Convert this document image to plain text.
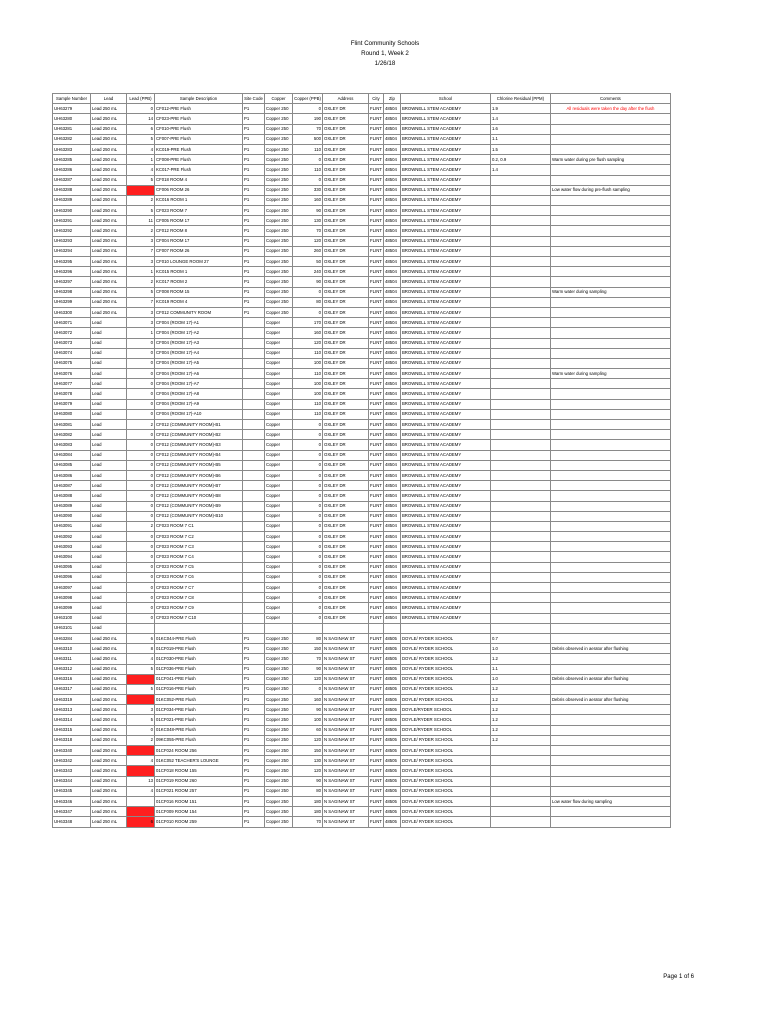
Flint Community Schools
Round 1, Week 2
1/26/18
Sample Number	Lead	Lead (PPB)	Sample Description	Site Code	Copper	Copper (PPB)	Address	City	Zip	School	Chlorine Residual (PPM)	Comments
UH63279	Lead 250 mL	0	CF012-PRE Flush	P1	Copper 250	0	OXLEY DR	FLINT	48504	BROWNELL STEM ACADEMY	1.9	All residuals were taken the day after the flush
UH63280	Lead 250 mL	14	CF023-PRE Flush	P1	Copper 250	190	OXLEY DR	FLINT	48504	BROWNELL STEM ACADEMY	1.4	
UH63281	Lead 250 mL	6	CF010-PRE Flush	P1	Copper 250	70	OXLEY DR	FLINT	48504	BROWNELL STEM ACADEMY	1.6	
UH63282	Lead 250 mL	5	CF007-PRE Flush	P1	Copper 250	500	OXLEY DR	FLINT	48504	BROWNELL STEM ACADEMY	1.1	
UH63283	Lead 250 mL	4	KC019-PRE Flush	P1	Copper 250	110	OXLEY DR	FLINT	48504	BROWNELL STEM ACADEMY	1.5	
UH63285	Lead 250 mL	1	CF008-PRE Flush	P1	Copper 250	0	OXLEY DR	FLINT	48504	BROWNELL STEM ACADEMY	0.2, 0.9	Warm water during pre flush sampling
UH63286	Lead 250 mL	4	KC017-PRE Flush	P1	Copper 250	110	OXLEY DR	FLINT	48504	BROWNELL STEM ACADEMY	1.4	
UH63287	Lead 250 mL	5	CF018 ROOM 4	P1	Copper 250	0	OXLEY DR	FLINT	48504	BROWNELL STEM ACADEMY		
UH63288	Lead 250 mL		CF006 ROOM 26	P1	Copper 250	330	OXLEY DR	FLINT	48504	BROWNELL STEM ACADEMY		Low water flow during pre-flush sampling
UH63289	Lead 250 mL	2	KC016 ROOM 1	P1	Copper 250	160	OXLEY DR	FLINT	48504	BROWNELL STEM ACADEMY		
UH63290	Lead 250 mL	5	CF023 ROOM 7	P1	Copper 250	90	OXLEY DR	FLINT	48504	BROWNELL STEM ACADEMY		
UH63291	Lead 250 mL	11	CF005 ROOM 17	P1	Copper 250	130	OXLEY DR	FLINT	48504	BROWNELL STEM ACADEMY		
UH63292	Lead 250 mL	2	CF012 ROOM 8	P1	Copper 250	70	OXLEY DR	FLINT	48504	BROWNELL STEM ACADEMY		
UH63293	Lead 250 mL	3	CF004 ROOM 17	P1	Copper 250	120	OXLEY DR	FLINT	48504	BROWNELL STEM ACADEMY		
UH63294	Lead 250 mL	7	CF007 ROOM 26	P1	Copper 250	260	OXLEY DR	FLINT	48504	BROWNELL STEM ACADEMY		
UH63295	Lead 250 mL	3	CF010 LOUNGE ROOM 27	P1	Copper 250	50	OXLEY DR	FLINT	48504	BROWNELL STEM ACADEMY		
UH63296	Lead 250 mL	1	KC015 ROOM 1	P1	Copper 250	240	OXLEY DR	FLINT	48504	BROWNELL STEM ACADEMY		
UH63297	Lead 250 mL	2	KC017 ROOM 2	P1	Copper 250	90	OXLEY DR	FLINT	48504	BROWNELL STEM ACADEMY		
UH63298	Lead 250 mL	5	CF008 ROOM 15	P1	Copper 250	0	OXLEY DR	FLINT	48504	BROWNELL STEM ACADEMY		Warm water during sampling
UH63299	Lead 250 mL	7	KC019 ROOM 4	P1	Copper 250	80	OXLEY DR	FLINT	48504	BROWNELL STEM ACADEMY		
UH63300	Lead 250 mL	3	CF012 COMMUNITY ROOM	P1	Copper 250	0	OXLEY DR	FLINT	48504	BROWNELL STEM ACADEMY		
UH63071	Lead	3	CF004 (ROOM 17)-A1		Copper	170	OXLEY DR	FLINT	48504	BROWNELL STEM ACADEMY		
UH63072	Lead	1	CF004 (ROOM 17)-A2		Copper	160	OXLEY DR	FLINT	48504	BROWNELL STEM ACADEMY		
UH63073	Lead	0	CF004 (ROOM 17)-A3		Copper	120	OXLEY DR	FLINT	48504	BROWNELL STEM ACADEMY		
UH63074	Lead	0	CF004 (ROOM 17)-A4		Copper	110	OXLEY DR	FLINT	48504	BROWNELL STEM ACADEMY		
UH63075	Lead	0	CF004 (ROOM 17)-A5		Copper	100	OXLEY DR	FLINT	48504	BROWNELL STEM ACADEMY		
UH63076	Lead	0	CF004 (ROOM 17)-A6		Copper	110	OXLEY DR	FLINT	48504	BROWNELL STEM ACADEMY		Warm water during sampling
UH63077	Lead	0	CF004 (ROOM 17)-A7		Copper	100	OXLEY DR	FLINT	48504	BROWNELL STEM ACADEMY		
UH63078	Lead	0	CF004 (ROOM 17)-A8		Copper	100	OXLEY DR	FLINT	48504	BROWNELL STEM ACADEMY		
UH63079	Lead	0	CF004 (ROOM 17)-A9		Copper	110	OXLEY DR	FLINT	48504	BROWNELL STEM ACADEMY		
UH63080	Lead	0	CF004 (ROOM 17)-A10		Copper	110	OXLEY DR	FLINT	48504	BROWNELL STEM ACADEMY		
UH63081	Lead	2	CF012 (COMMUNITY ROOM)-B1		Copper	0	OXLEY DR	FLINT	48504	BROWNELL STEM ACADEMY		
UH63082	Lead	0	CF012 (COMMUNITY ROOM)-B2		Copper	0	OXLEY DR	FLINT	48504	BROWNELL STEM ACADEMY		
UH63083	Lead	0	CF012 (COMMUNITY ROOM)-B3		Copper	0	OXLEY DR	FLINT	48504	BROWNELL STEM ACADEMY		
UH63084	Lead	0	CF012 (COMMUNITY ROOM)-B4		Copper	0	OXLEY DR	FLINT	48504	BROWNELL STEM ACADEMY		
UH63085	Lead	0	CF012 (COMMUNITY ROOM)-B5		Copper	0	OXLEY DR	FLINT	48504	BROWNELL STEM ACADEMY		
UH63086	Lead	0	CF012 (COMMUNITY ROOM)-B6		Copper	0	OXLEY DR	FLINT	48504	BROWNELL STEM ACADEMY		
UH63087	Lead	0	CF012 (COMMUNITY ROOM)-B7		Copper	0	OXLEY DR	FLINT	48504	BROWNELL STEM ACADEMY		
UH63088	Lead	0	CF012 (COMMUNITY ROOM)-B8		Copper	0	OXLEY DR	FLINT	48504	BROWNELL STEM ACADEMY		
UH63089	Lead	0	CF012 (COMMUNITY ROOM)-B9		Copper	0	OXLEY DR	FLINT	48504	BROWNELL STEM ACADEMY		
UH63090	Lead	0	CF012 (COMMUNITY ROOM)-B10		Copper	0	OXLEY DR	FLINT	48504	BROWNELL STEM ACADEMY		
UH63091	Lead	2	CF023 ROOM 7 C1		Copper	0	OXLEY DR	FLINT	48504	BROWNELL STEM ACADEMY		
UH63092	Lead	0	CF023 ROOM 7 C2		Copper	0	OXLEY DR	FLINT	48504	BROWNELL STEM ACADEMY		
UH63093	Lead	0	CF023 ROOM 7 C3		Copper	0	OXLEY DR	FLINT	48504	BROWNELL STEM ACADEMY		
UH63094	Lead	0	CF023 ROOM 7 C4		Copper	0	OXLEY DR	FLINT	48504	BROWNELL STEM ACADEMY		
UH63095	Lead	0	CF023 ROOM 7 C5		Copper	0	OXLEY DR	FLINT	48504	BROWNELL STEM ACADEMY		
UH63096	Lead	0	CF023 ROOM 7 C6		Copper	0	OXLEY DR	FLINT	48504	BROWNELL STEM ACADEMY		
UH63097	Lead	0	CF023 ROOM 7 C7		Copper	0	OXLEY DR	FLINT	48504	BROWNELL STEM ACADEMY		
UH63098	Lead	0	CF023 ROOM 7 C8		Copper	0	OXLEY DR	FLINT	48504	BROWNELL STEM ACADEMY		
UH63099	Lead	0	CF023 ROOM 7 C9		Copper	0	OXLEY DR	FLINT	48504	BROWNELL STEM ACADEMY		
UH63100	Lead	0	CF023 ROOM 7 C10		Copper	0	OXLEY DR	FLINT	48504	BROWNELL STEM ACADEMY		
UH63101	Lead											
UH63284	Lead 250 mL	6	01KC044-PRE Flush	P1	Copper 250	80	N SAGINAW ST	FLINT	48505	DOYLE/ RYDER SCHOOL	0.7	
UH63310	Lead 250 mL	8	01CF019-PRE Flush	P1	Copper 250	150	N SAGINAW ST	FLINT	48505	DOYLE/ RYDER SCHOOL	1.0	Debris observed in aerator after flushing
UH63311	Lead 250 mL	4	01CF030-PRE Flush	P1	Copper 250	70	N SAGINAW ST	FLINT	48505	DOYLE/ RYDER SCHOOL	1.2	
UH63312	Lead 250 mL	5	01CF036-PRE Flush	P1	Copper 250	90	N SAGINAW ST	FLINT	48505	DOYLE/ RYDER SCHOOL	1.1	
UH63316	Lead 250 mL		01CF041-PRE Flush	P1	Copper 250	120	N SAGINAW ST	FLINT	48505	DOYLE/ RYDER SCHOOL	1.0	Debris observed in aerator after flushing
UH63317	Lead 250 mL	5	01CF016-PRE Flush	P1	Copper 250	0	N SAGINAW ST	FLINT	48505	DOYLE/ RYDER SCHOOL	1.2	
UH63319	Lead 250 mL		01KC052-PRE Flush	P1	Copper 250	160	N SAGINAW ST	FLINT	48505	DOYLE/ RYDER SCHOOL	1.2	Debris observed in aerator after flushing
UH63313	Lead 250 mL	3	01CF034-PRE Flush	P1	Copper 250	90	N SAGINAW ST	FLINT	48505	DOYLE/RYDER SCHOOL	1.2	
UH63314	Lead 250 mL	5	01CF021-PRE Flush	P1	Copper 250	100	N SAGINAW ST	FLINT	48505	DOYLE/RYDER SCHOOL	1.2	
UH63315	Lead 250 mL	0	01KC048-PRE Flush	P1	Copper 250	60	N SAGINAW ST	FLINT	48505	DOYLE/RYDER SCHOOL	1.2	
UH63318	Lead 250 mL	2	09KC055-PRE Flush	P1	Copper 250	120	N SAGINAW ST	FLINT	48505	DOYLE/ RYDER SCHOOL	1.2	
UH63340	Lead 250 mL		01CF024 ROOM 256	P1	Copper 250	150	N SAGINAW ST	FLINT	48505	DOYLE/ RYDER SCHOOL		
UH63342	Lead 250 mL	4	01KC052 TEACHER'S LOUNGE	P1	Copper 250	130	N SAGINAW ST	FLINT	48505	DOYLE/ RYDER SCHOOL		
UH63343	Lead 250 mL		01CF018 ROOM 155	P1	Copper 250	120	N SAGINAW ST	FLINT	48505	DOYLE/ RYDER SCHOOL		
UH63344	Lead 250 mL	13	01CF019 ROOM 260	P1	Copper 250	90	N SAGINAW ST	FLINT	48505	DOYLE/ RYDER SCHOOL		
UH63345	Lead 250 mL	4	01CF021 ROOM 257	P1	Copper 250	80	N SAGINAW ST	FLINT	48505	DOYLE/ RYDER SCHOOL		
UH63346	Lead 250 mL		01CF016 ROOM 151	P1	Copper 250	180	N SAGINAW ST	FLINT	48505	DOYLE/ RYDER SCHOOL		Low water flow during sampling
UH63347	Lead 250 mL		01CF009 ROOM 154	P1	Copper 250	180	N SAGINAW ST	FLINT	48505	DOYLE/ RYDER SCHOOL		
UH63348	Lead 250 mL	6	01CF010 ROOM 259	P1	Copper 250	70	N SAGINAW ST	FLINT	48505	DOYLE/ RYDER SCHOOL		
Page 1 of 6
